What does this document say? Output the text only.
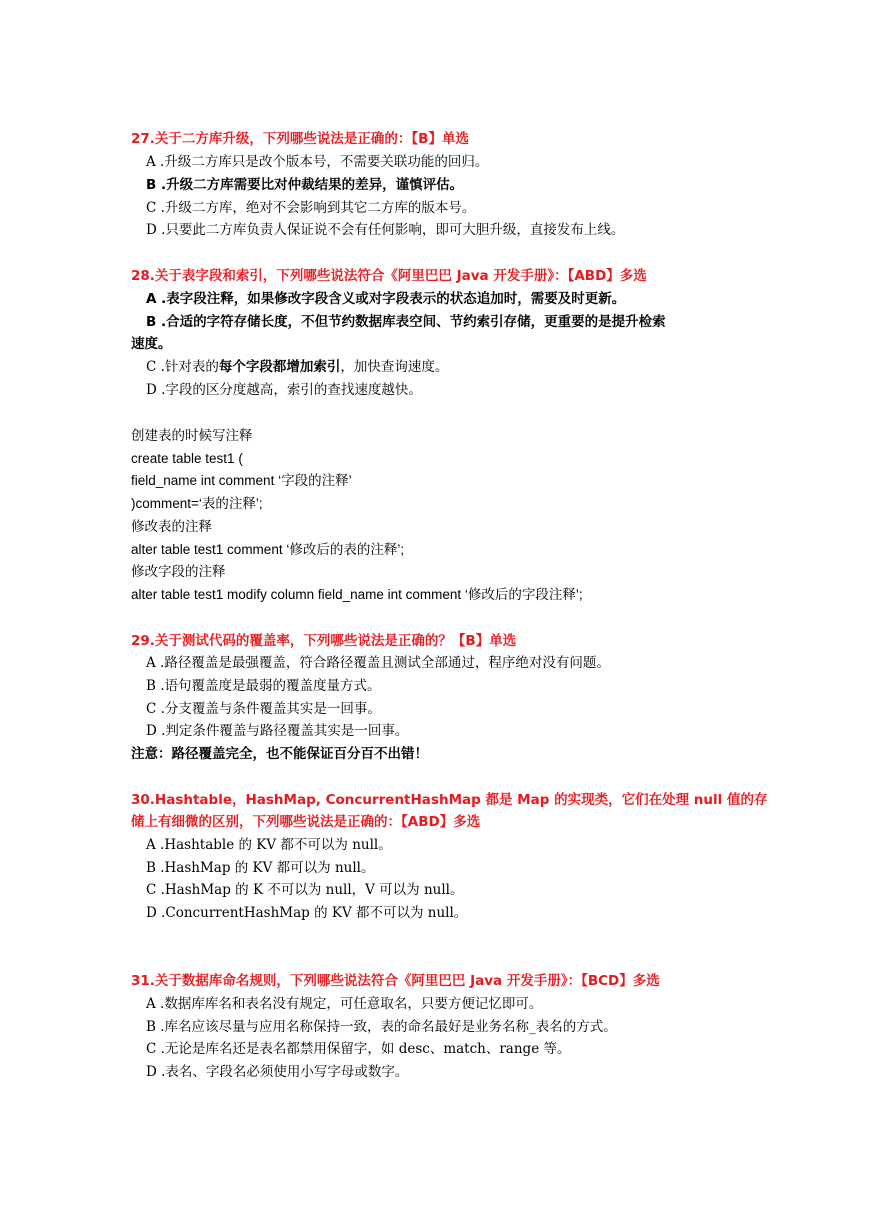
27.关于二方库升级，下列哪些说法是正确的：【B】单选
A .升级二方库只是改个版本号，不需要关联功能的回归。
B .升级二方库需要比对仲裁结果的差异，谨慎评估。
C .升级二方库，绝对不会影响到其它二方库的版本号。
D .只要此二方库负责人保证说不会有任何影响，即可大胆升级，直接发布上线。
28.关于表字段和索引，下列哪些说法符合《阿里巴巴 Java 开发手册》：【ABD】多选
A .表字段注释，如果修改字段含义或对字段表示的状态追加时，需要及时更新。
B .合适的字符存储长度，不但节约数据库表空间、节约索引存储，更重要的是提升检索
速度。
C .针对表的每个字段都增加索引，加快查询速度。
D .字段的区分度越高，索引的查找速度越快。
创建表的时候写注释
create table test1 (
field_name int comment ‘字段的注释’
)comment=‘表的注释’;
修改表的注释
alter table test1 comment ‘修改后的表的注释’;
修改字段的注释
alter table test1 modify column field_name int comment ‘修改后的字段注释’;
29.关于测试代码的覆盖率，下列哪些说法是正确的？【B】单选
A .路径覆盖是最强覆盖，符合路径覆盖且测试全部通过，程序绝对没有问题。
B .语句覆盖度是最弱的覆盖度量方式。
C .分支覆盖与条件覆盖其实是一回事。
D .判定条件覆盖与路径覆盖其实是一回事。
注意：路径覆盖完全，也不能保证百分百不出错！
30.Hashtable，HashMap, ConcurrentHashMap 都是 Map 的实现类，它们在处理 null 值的存
储上有细微的区别，下列哪些说法是正确的：【ABD】多选
A .Hashtable 的 KV 都不可以为 null。
B .HashMap 的 KV 都可以为 null。
C .HashMap 的 K 不可以为 null，V 可以为 null。
D .ConcurrentHashMap 的 KV 都不可以为 null。
31.关于数据库命名规则，下列哪些说法符合《阿里巴巴 Java 开发手册》：【BCD】多选
A .数据库库名和表名没有规定，可任意取名，只要方便记忆即可。
B .库名应该尽量与应用名称保持一致，表的命名最好是业务名称_表名的方式。
C .无论是库名还是表名都禁用保留字，如 desc、match、range 等。
D .表名、字段名必须使用小写字母或数字。
